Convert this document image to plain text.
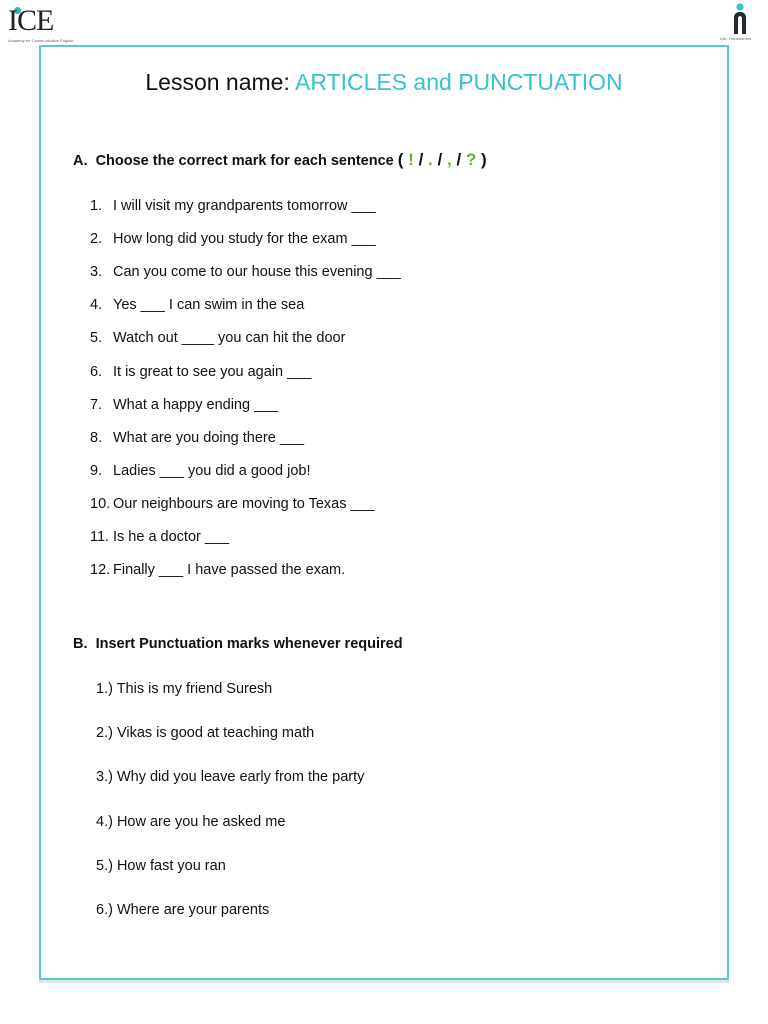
ICE
Academy for Communicative English	Life. Transformed.
Lesson name: ARTICLES and PUNCTUATION
A. Choose the correct mark for each sentence ( ! / . / , / ? )
1. I will visit my grandparents tomorrow ___
2. How long did you study for the exam ___
3. Can you come to our house this evening ___
4. Yes ___ I can swim in the sea
5. Watch out ____ you can hit the door
6. It is great to see you again ___
7. What a happy ending ___
8. What are you doing there ___
9. Ladies ___ you did a good job!
10. Our neighbours are moving to Texas ___
11. Is he a doctor ___
12. Finally ___ I have passed the exam.
B. Insert Punctuation marks whenever required
1.) This is my friend Suresh
2.) Vikas is good at teaching math
3.) Why did you leave early from the party
4.) How are you he asked me
5.) How fast you ran
6.) Where are your parents
